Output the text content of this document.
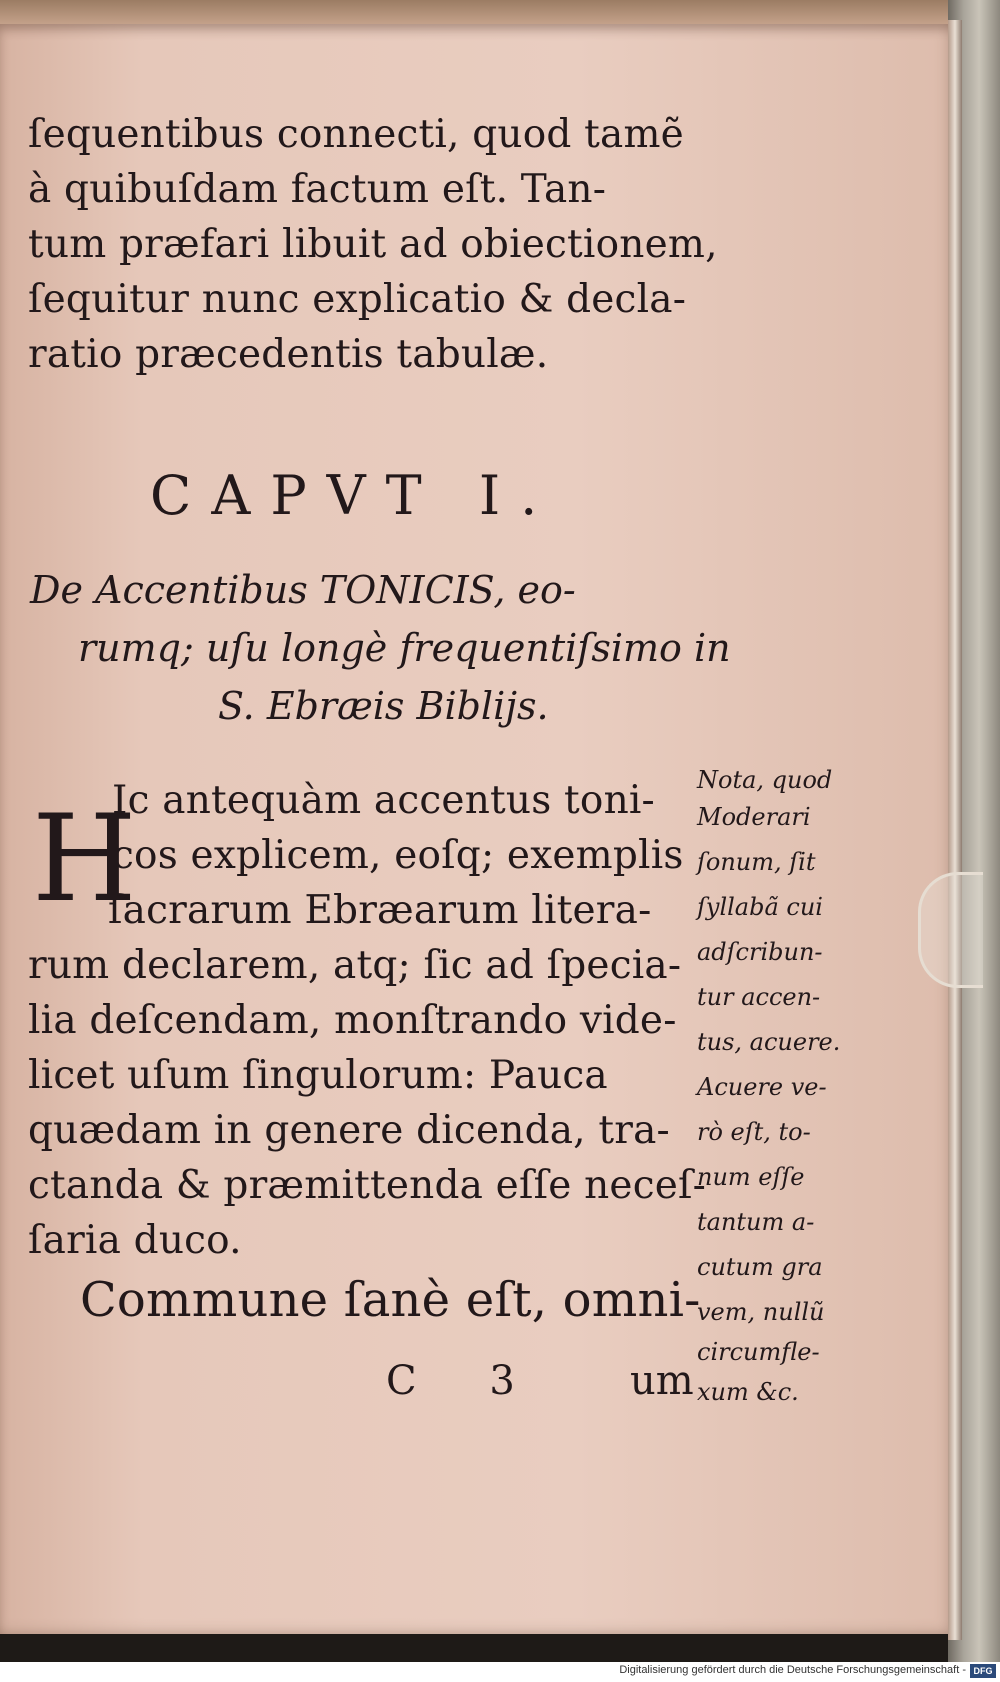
ſequentibus connecti, quod tamẽ
à quibuſdam factum eſt. Tan-
tum præfari libuit ad obiectionem,
ſequitur nunc explicatio & decla-
ratio præcedentis tabulæ.
CAPVT I.
De Accentibus TONICIS, eo-
rumq; uſu longè frequentiſsimo in
S. Ebræis Biblijs.
H
Ic antequàm accentus toni-
cos explicem, eoſq; exemplis
ſacrarum Ebræarum litera-
rum declarem, atq; ſic ad ſpecia-
lia deſcendam, monſtrando vide-
licet uſum ſingulorum: Pauca
quædam in genere dicenda, tra-
ctanda & præmittenda eſſe neceſ-
ſaria duco.
Commune ſanè eſt, omni-
C 3 um
Nota, quod
Moderari
ſonum, ſit
ſyllabã cui
adſcribun-
tur accen-
tus, acuere.
Acuere ve-
rò eſt, to-
num eſſe
tantum a-
cutum gra
vem, nullũ
circumfle-
xum &c.
Digitalisierung gefördert durch die Deutsche Forschungsgemeinschaft - DFG
